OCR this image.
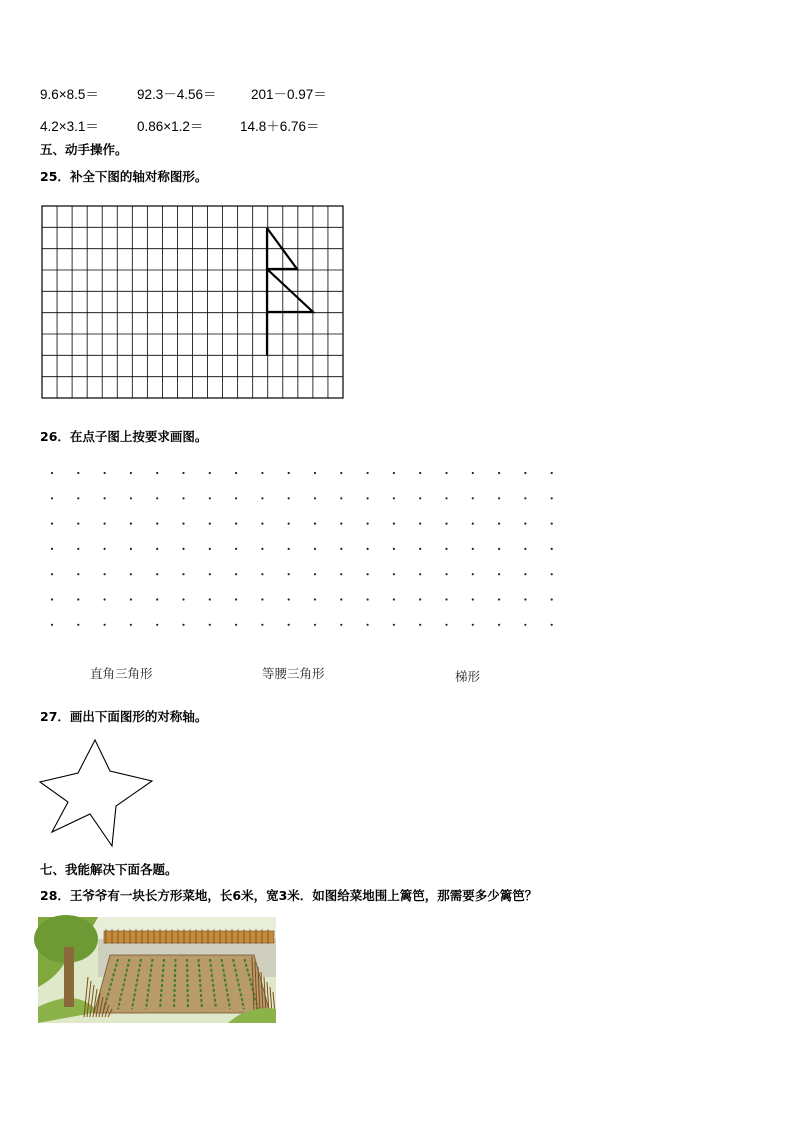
9.6×8.5＝	92.3－4.56＝	201－0.97＝
4.2×3.1＝	0.86×1.2＝	14.8＋6.76＝
五、动手操作。
25．补全下图的轴对称图形。
26．在点子图上按要求画图。
直角三角形	等腰三角形	梯形
27．画出下面图形的对称轴。
七、我能解决下面各题。
28．王爷爷有一块长方形菜地，长6米，宽3米．如图给菜地围上篱笆，那需要多少篱笆？
